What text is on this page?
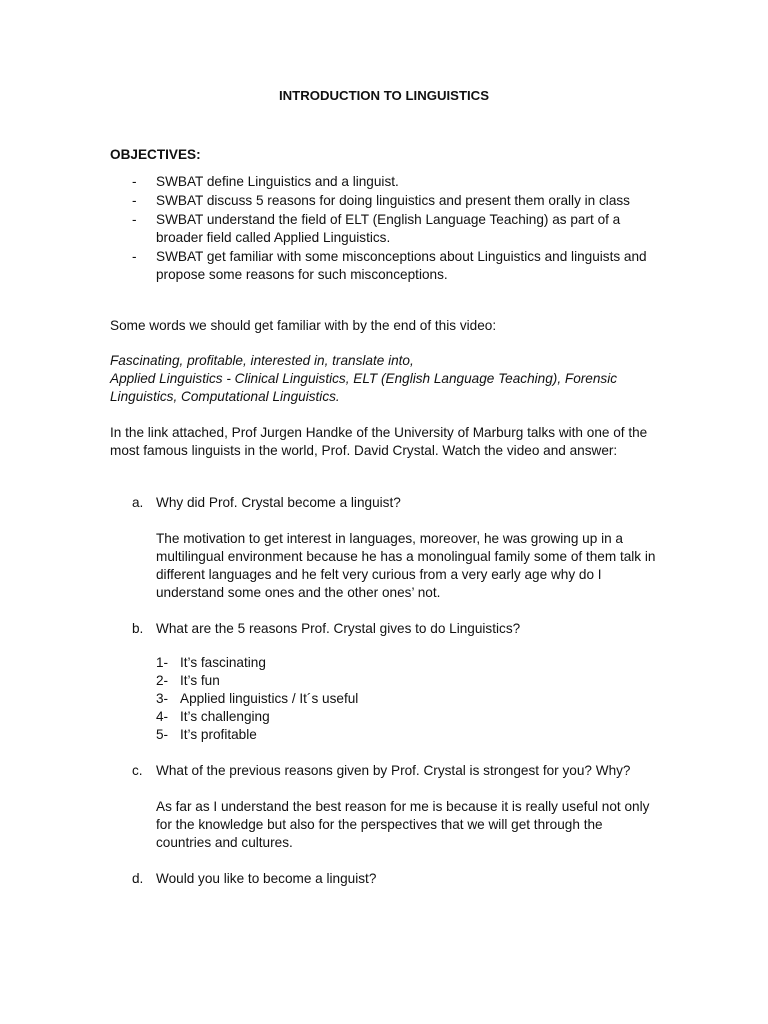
INTRODUCTION TO LINGUISTICS
OBJECTIVES:
- SWBAT define Linguistics and a linguist.
- SWBAT discuss 5 reasons for doing linguistics and present them orally in class
- SWBAT understand the field of ELT (English Language Teaching) as part of a broader field called Applied Linguistics.
- SWBAT get familiar with some misconceptions about Linguistics and linguists and propose some reasons for such misconceptions.
Some words we should get familiar with by the end of this video:
Fascinating, profitable, interested in, translate into,
Applied Linguistics - Clinical Linguistics, ELT (English Language Teaching), Forensic Linguistics, Computational Linguistics.
In the link attached, Prof Jurgen Handke of the University of Marburg talks with one of the most famous linguists in the world, Prof. David Crystal. Watch the video and answer:
a. Why did Prof. Crystal become a linguist?
The motivation to get interest in languages, moreover, he was growing up in a multilingual environment because he has a monolingual family some of them talk in different languages and he felt very curious from a very early age why do I understand some ones and the other ones’ not.
b. What are the 5 reasons Prof. Crystal gives to do Linguistics?
1- It’s fascinating
2- It’s fun
3- Applied linguistics / It´s useful
4- It’s challenging
5- It’s profitable
c. What of the previous reasons given by Prof. Crystal is strongest for you? Why?
As far as I understand the best reason for me is because it is really useful not only for the knowledge but also for the perspectives that we will get through the countries and cultures.
d. Would you like to become a linguist?
